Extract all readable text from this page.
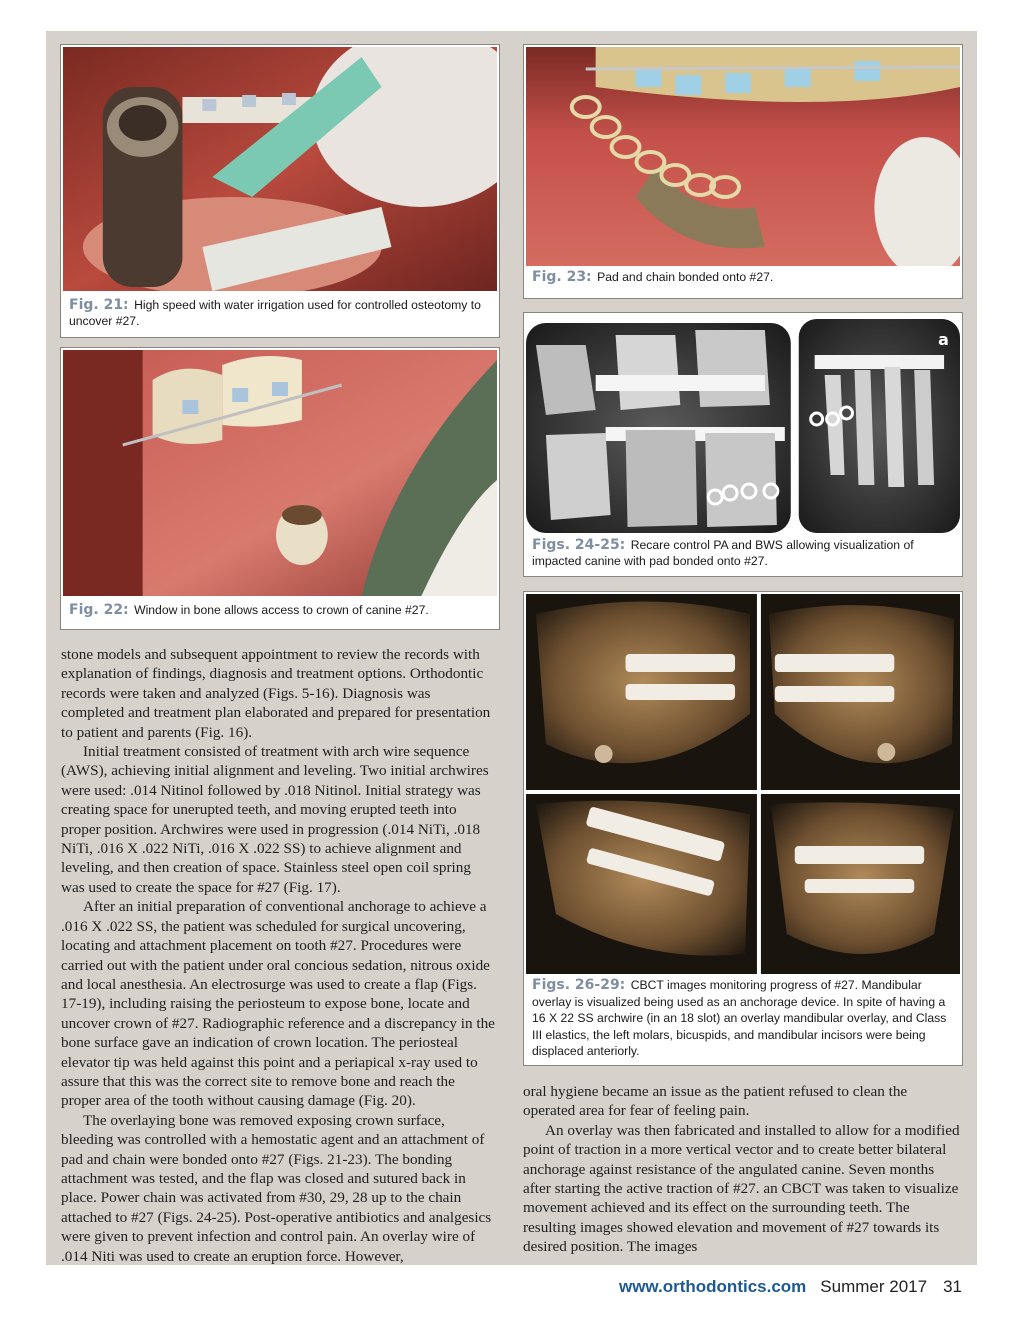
Fig. 21: High speed with water irrigation used for controlled osteotomy to uncover #27.
Fig. 22: Window in bone allows access to crown of canine #27.
Fig. 23: Pad and chain bonded onto #27.
a
Figs. 24-25: Recare control PA and BWS allowing visualization of impacted canine with pad bonded onto #27.
Figs. 26-29: CBCT images monitoring progress of #27. Mandibular overlay is visualized being used as an anchorage device. In spite of having a 16 X 22 SS archwire (in an 18 slot) an overlay mandibular overlay, and Class III elastics, the left molars, bicuspids, and mandibular incisors were being displaced anteriorly.

stone models and subsequent appointment to review the records with explanation of findings, diagnosis and treatment options. Orthodontic records were taken and analyzed (Figs. 5-16). Diagnosis was completed and treatment plan elaborated and prepared for presentation to patient and parents (Fig. 16).

Initial treatment consisted of treatment with arch wire sequence (AWS), achieving initial alignment and leveling. Two initial archwires were used: .014 Nitinol followed by .018 Nitinol. Initial strategy was creating space for unerupted teeth, and moving erupted teeth into proper position. Archwires were used in progression (.014 NiTi, .018 NiTi, .016 X .022 NiTi, .016 X .022 SS) to achieve alignment and leveling, and then creation of space. Stainless steel open coil spring was used to create the space for #27 (Fig. 17).

After an initial preparation of conventional anchorage to achieve a .016 X .022 SS, the patient was scheduled for surgical uncovering, locating and attachment placement on tooth #27. Procedures were carried out with the patient under oral concious sedation, nitrous oxide and local anesthesia. An electrosurge was used to create a flap (Figs. 17-19), including raising the periosteum to expose bone, locate and uncover crown of #27. Radiographic reference and a discrepancy in the bone surface gave an indication of crown location. The periosteal elevator tip was held against this point and a periapical x-ray used to assure that this was the correct site to remove bone and reach the proper area of the tooth without causing damage (Fig. 20).

The overlaying bone was removed exposing crown surface, bleeding was controlled with a hemostatic agent and an attachment of pad and chain were bonded onto #27 (Figs. 21-23). The bonding attachment was tested, and the flap was closed and sutured back in place. Power chain was activated from #30, 29, 28 up to the chain attached to #27 (Figs. 24-25). Post-operative antibiotics and analgesics were given to prevent infection and control pain. An overlay wire of .014 Niti was used to create an eruption force. However,

oral hygiene became an issue as the patient refused to clean the operated area for fear of feeling pain.

An overlay was then fabricated and installed to allow for a modified point of traction in a more vertical vector and to create better bilateral anchorage against resistance of the angulated canine. Seven months after starting the active traction of #27. an CBCT was taken to visualize movement achieved and its effect on the surrounding teeth. The resulting images showed elevation and movement of #27 towards its desired position. The images

www.orthodontics.com Summer 2017 31
